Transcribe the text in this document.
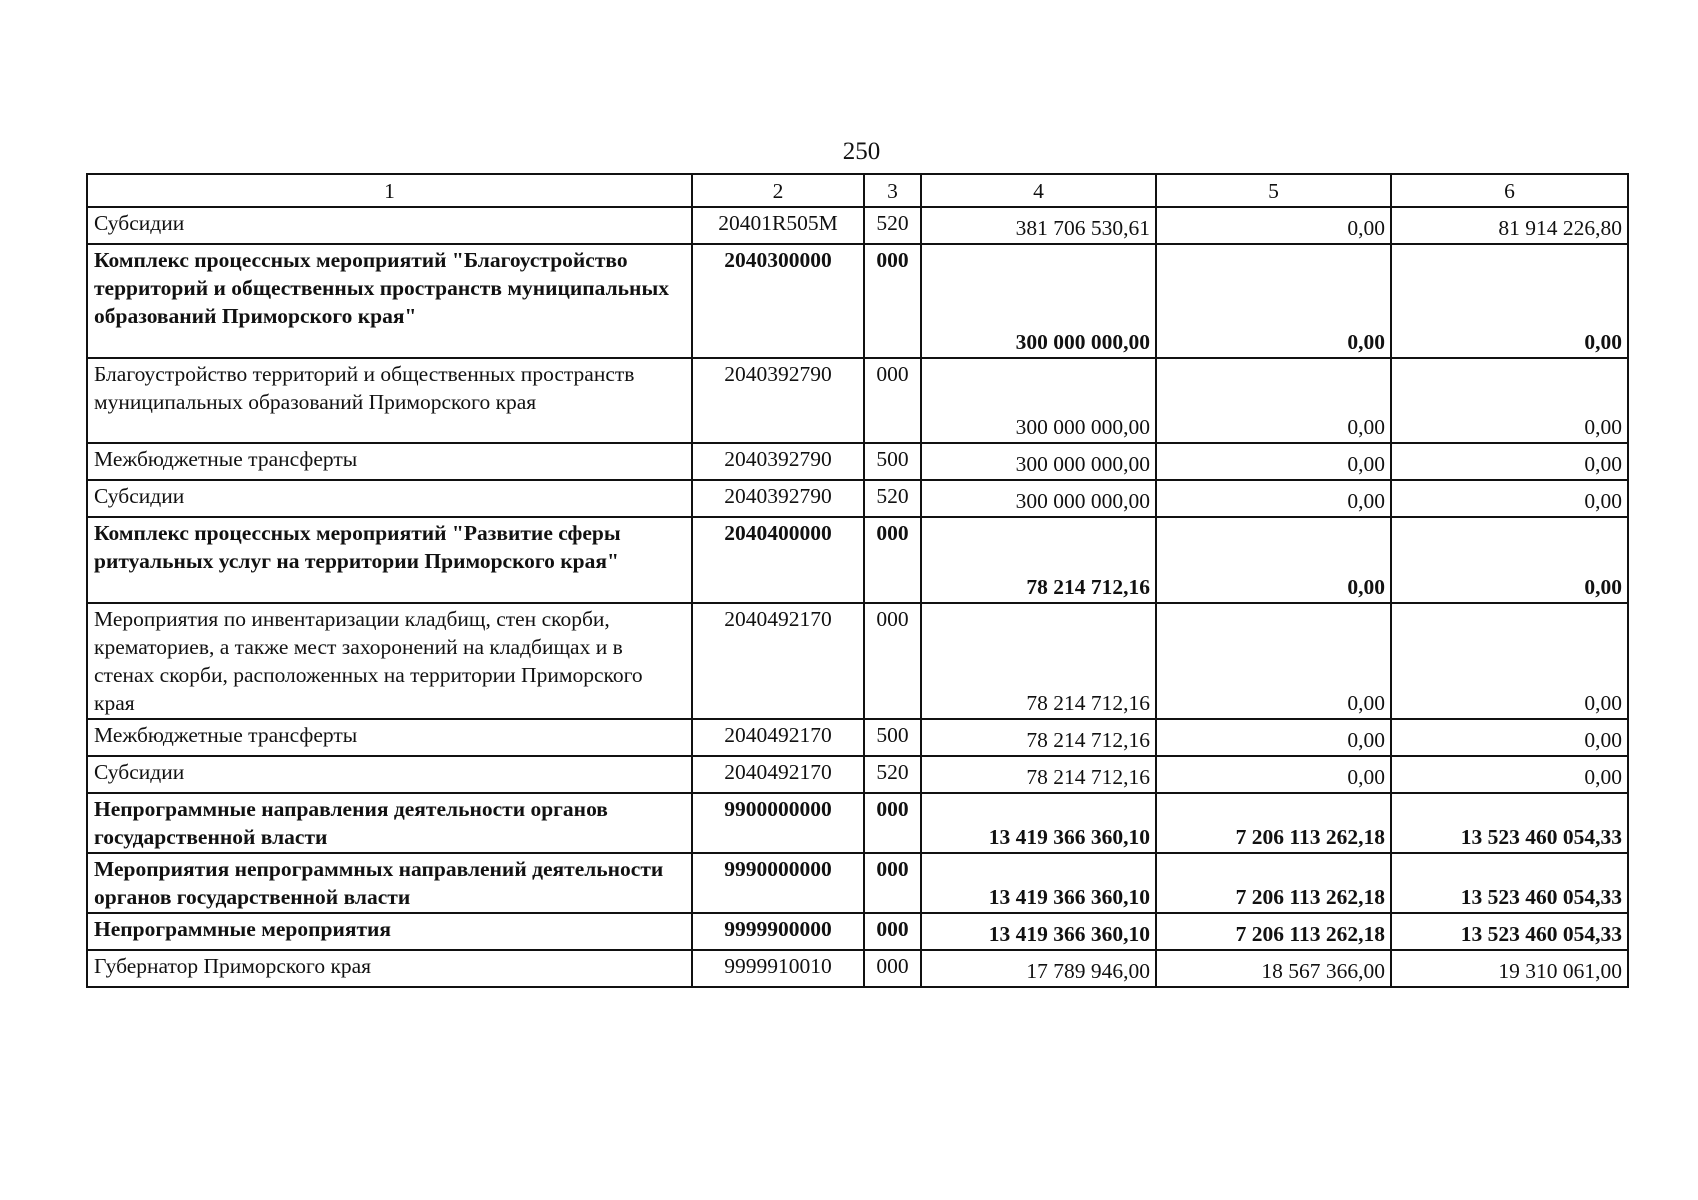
250
1	2	3	4	5	6
Субсидии	20401R505M	520	381 706 530,61	0,00	81 914 226,80
Комплекс процессных мероприятий "Благоустройство территорий и общественных пространств муниципальных образований Приморского края"	2040300000	000	300 000 000,00	0,00	0,00
Благоустройство территорий и общественных пространств муниципальных образований Приморского края	2040392790	000	300 000 000,00	0,00	0,00
Межбюджетные трансферты	2040392790	500	300 000 000,00	0,00	0,00
Субсидии	2040392790	520	300 000 000,00	0,00	0,00
Комплекс процессных мероприятий "Развитие сферы ритуальных услуг на территории Приморского края"	2040400000	000	78 214 712,16	0,00	0,00
Мероприятия по инвентаризации кладбищ, стен скорби, крематориев, а также мест захоронений на кладбищах и в стенах скорби, расположенных на территории Приморского края	2040492170	000	78 214 712,16	0,00	0,00
Межбюджетные трансферты	2040492170	500	78 214 712,16	0,00	0,00
Субсидии	2040492170	520	78 214 712,16	0,00	0,00
Непрограммные направления деятельности органов государственной власти	9900000000	000	13 419 366 360,10	7 206 113 262,18	13 523 460 054,33
Мероприятия непрограммных направлений деятельности органов государственной власти	9990000000	000	13 419 366 360,10	7 206 113 262,18	13 523 460 054,33
Непрограммные мероприятия	9999900000	000	13 419 366 360,10	7 206 113 262,18	13 523 460 054,33
Губернатор Приморского края	9999910010	000	17 789 946,00	18 567 366,00	19 310 061,00
